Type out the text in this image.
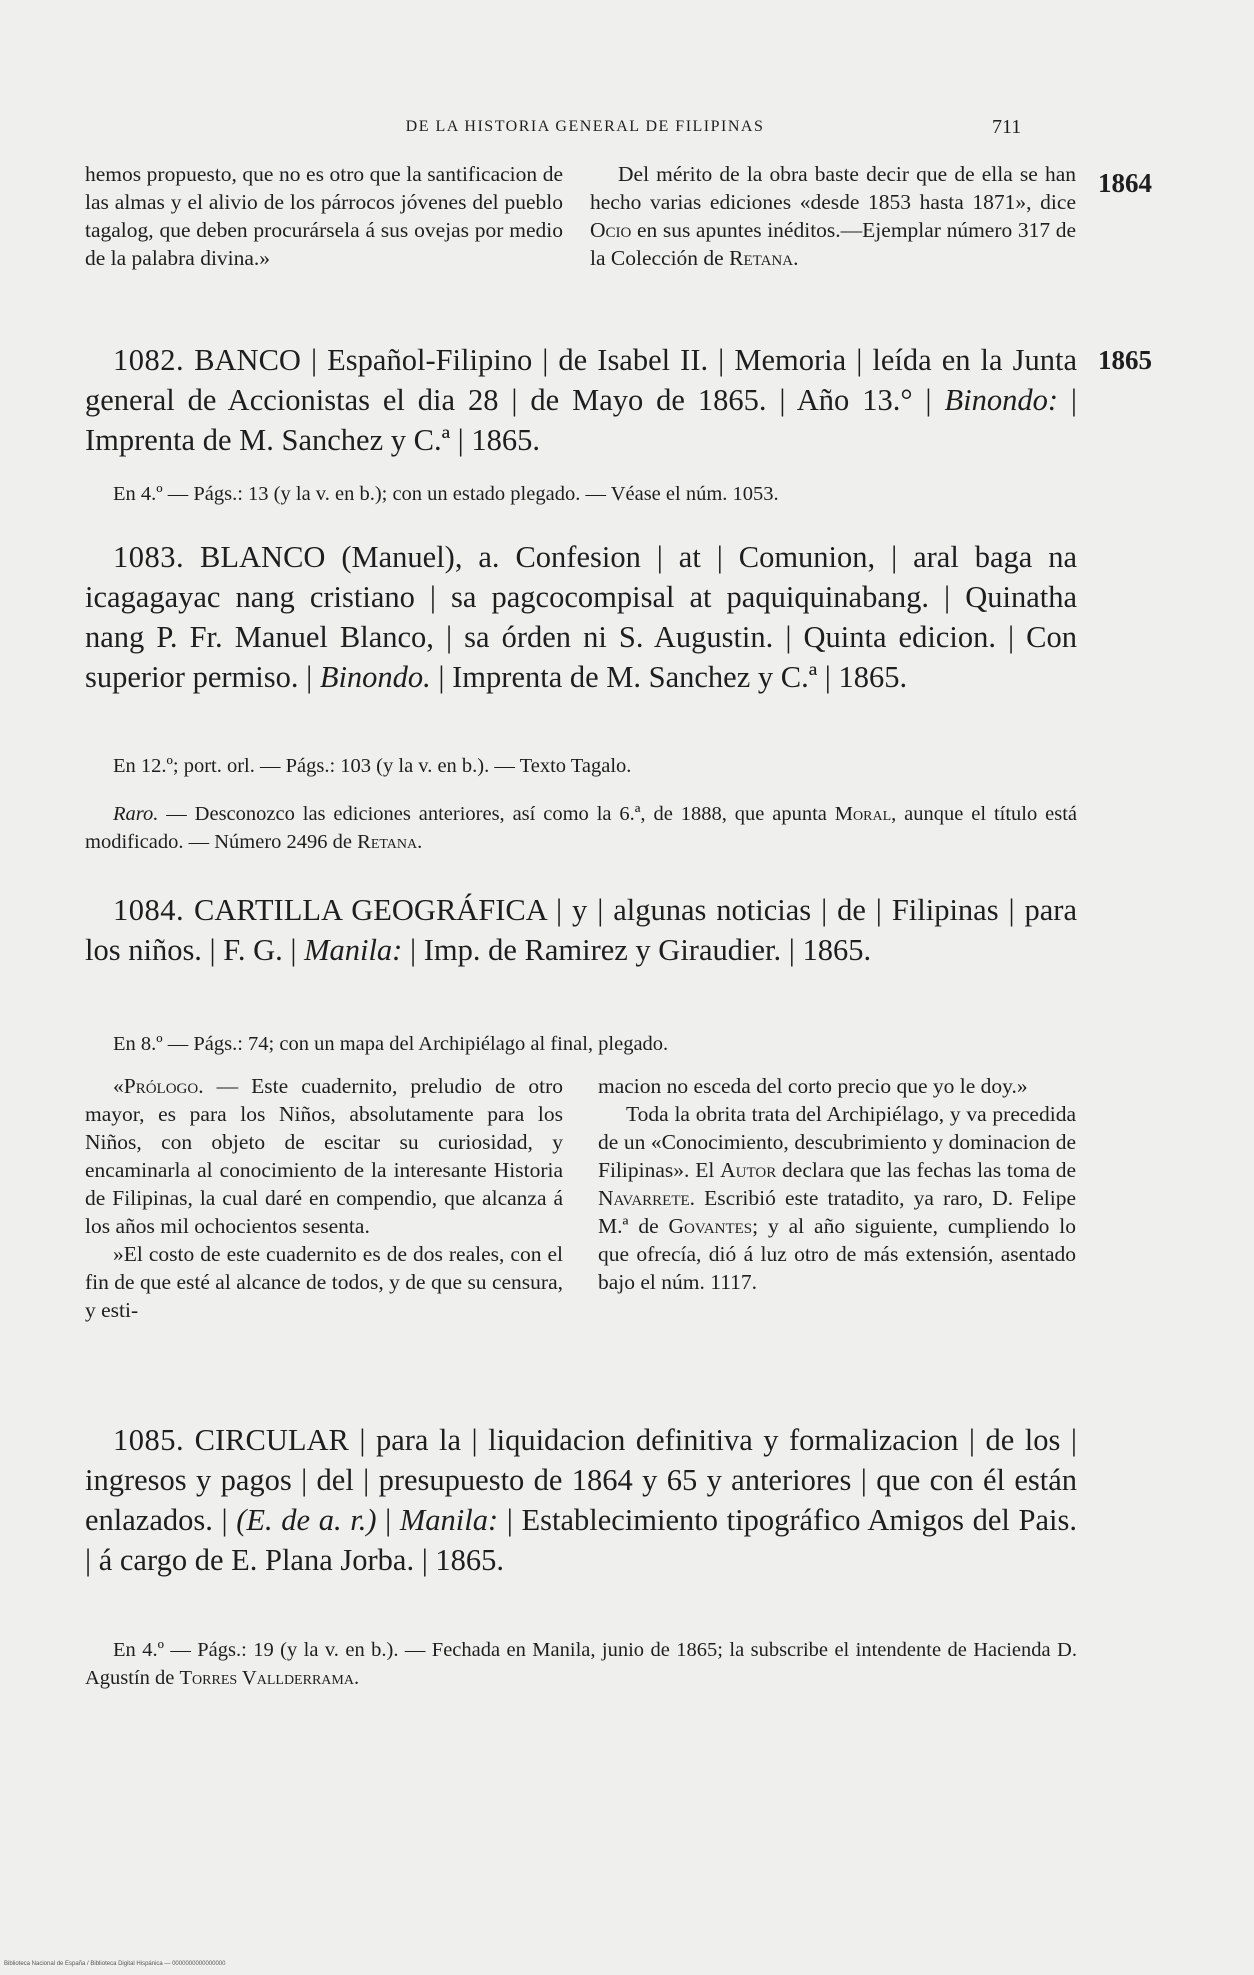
DE LA HISTORIA GENERAL DE FILIPINAS	711
1864
1865

hemos propuesto, que no es otro que la santificacion de las almas y el alivio de los párrocos jóvenes del pueblo tagalog, que deben procurársela á sus ovejas por medio de la palabra divina.»

Del mérito de la obra baste decir que de ella se han hecho varias ediciones «desde 1853 hasta 1871», dice Ocio en sus apuntes inéditos.—Ejemplar número 317 de la Colección de Retana.

1082. BANCO | Español-Filipino | de Isabel II. | Memoria | leída en la Junta general de Accionistas el dia 28 | de Mayo de 1865. | Año 13.° | Binondo: | Imprenta de M. Sanchez y C.ª | 1865.

En 4.º — Págs.: 13 (y la v. en b.); con un estado plegado. — Véase el núm. 1053.

1083. BLANCO (Manuel), a. Confesion | at | Comunion, | aral baga na icagagayac nang cristiano | sa pagcocompisal at paquiquinabang. | Quinatha nang P. Fr. Manuel Blanco, | sa órden ni S. Augustin. | Quinta edicion. | Con superior permiso. | Binondo. | Imprenta de M. Sanchez y C.ª | 1865.

En 12.º; port. orl. — Págs.: 103 (y la v. en b.). — Texto Tagalo.

Raro. — Desconozco las ediciones anteriores, así como la 6.ª, de 1888, que apunta Moral, aunque el título está modificado. — Número 2496 de Retana.

1084. CARTILLA GEOGRÁFICA | y | algunas noticias | de | Filipinas | para los niños. | F. G. | Manila: | Imp. de Ramirez y Giraudier. | 1865.

En 8.º — Págs.: 74; con un mapa del Archipiélago al final, plegado.

«Prólogo. — Este cuadernito, preludio de otro mayor, es para los Niños, absolutamente para los Niños, con objeto de escitar su curiosidad, y encaminarla al conocimiento de la interesante Historia de Filipinas, la cual daré en compendio, que alcanza á los años mil ochocientos sesenta.

»El costo de este cuadernito es de dos reales, con el fin de que esté al alcance de todos, y de que su censura, y esti-

macion no esceda del corto precio que yo le doy.»

Toda la obrita trata del Archipiélago, y va precedida de un «Conocimiento, descubrimiento y dominacion de Filipinas». El Autor declara que las fechas las toma de Navarrete. Escribió este tratadito, ya raro, D. Felipe M.ª de Govantes; y al año siguiente, cumpliendo lo que ofrecía, dió á luz otro de más extensión, asentado bajo el núm. 1117.

1085. CIRCULAR | para la | liquidacion definitiva y formalizacion | de los | ingresos y pagos | del | presupuesto de 1864 y 65 y anteriores | que con él están enlazados. | (E. de a. r.) | Manila: | Establecimiento tipográfico Amigos del Pais. | á cargo de E. Plana Jorba. | 1865.

En 4.º — Págs.: 19 (y la v. en b.). — Fechada en Manila, junio de 1865; la subscribe el intendente de Hacienda D. Agustín de Torres Vallderrama.

Biblioteca Nacional de España / Biblioteca Digital Hispánica — 0000000000000000
